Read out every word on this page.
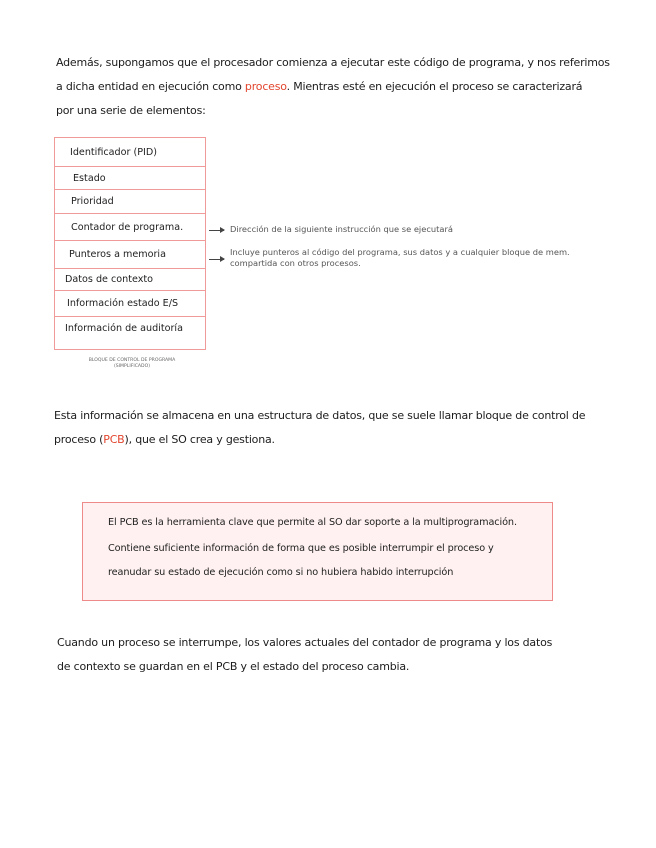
Además, supongamos que el procesador comienza a ejecutar este código de programa, y nos referimos
a dicha entidad en ejecución como proceso. Mientras esté en ejecución el proceso se caracterizará
por una serie de elementos:
Identificador (PID)
Estado
Prioridad
Contador de programa.
Punteros a memoria
Datos de contexto
Información estado E/S
Información de auditoría
BLOQUE DE CONTROL DE PROGRAMA (SIMPLIFICADO)
Dirección de la siguiente instrucción que se ejecutará
Incluye punteros al código del programa, sus datos y a cualquier bloque de mem.
compartida con otros procesos.
Esta información se almacena en una estructura de datos, que se suele llamar bloque de control de
proceso (PCB), que el SO crea y gestiona.
El PCB es la herramienta clave que permite al SO dar soporte a la multiprogramación.
Contiene suficiente información de forma que es posible interrumpir el proceso y
reanudar su estado de ejecución como si no hubiera habido interrupción
Cuando un proceso se interrumpe, los valores actuales del contador de programa y los datos
de contexto se guardan en el PCB y el estado del proceso cambia.
